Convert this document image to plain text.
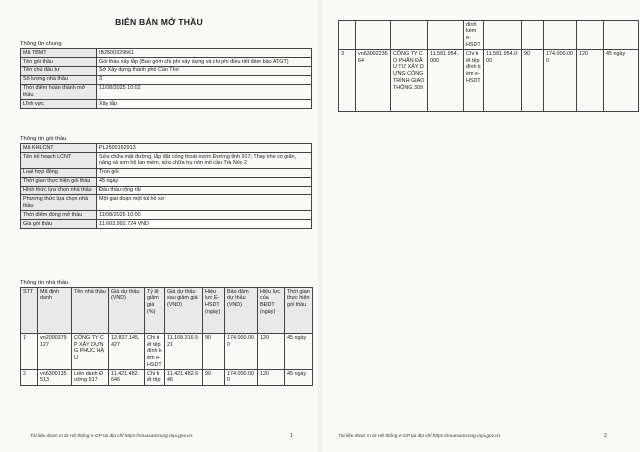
BIÊN BẢN MỞ THẦU
Thông tin chung
Mã TBMT	IB2500329661
Tên gói thầu	Gói thầu xây lắp (Bao gồm chi phí xây dựng và chi phí điều tiết đảm bảo ATGT)
Tên chủ đầu tư	Sở Xây dựng thành phố Cần Thơ
Số lượng nhà thầu	3
Thời điểm hoàn thành mở thầu	11/08/2025 10:02
Lĩnh vực	Xây lắp
Thông tin gói thầu
Mã KHLCNT	PL2500162913
Tên kế hoạch LCNT	Sửa chữa mặt đường, lắp đặt cống thoát nước Đường tỉnh 917; Thay khe co giãn, nâng và sơn hộ lan mềm, sửa chữa trụ nón mố cầu Trà Nóc 2
Loại hợp đồng	Trọn gói
Thời gian thực hiện gói thầu	45 ngày
Hình thức lựa chọn nhà thầu	Đấu thầu rộng rãi
Phương thức lựa chọn nhà thầu	Một giai đoạn một túi hồ sơ
Thời điểm đóng mở thầu	11/08/2025 10:00
Giá gói thầu	11.603.992.724 VND
Thông tin nhà thầu
STT	Mã định danh	Tên nhà thầu	Giá dự thầu (VND)	Tỷ lệ giảm giá (%)	Giá dự thầu sau giảm giá (VND)	Hiệu lực E-HSDT (ngày)	Bảo đảm dự thầu (VND)	Hiệu lực của BĐDT (ngày)	Thời gian thực hiện gói thầu
1	vn2000379127	CÔNG TY CP XÂY DỰNG PHÚC HẬU	12.837.145.427	Chi tiết tệp đính kèm e-HSDT	11.168.316.521	90	174.000.000	120	45 ngày
2	vn6300135513	Liên danh Đường 917	11.421.482.646	Chi tiết tệp	11.421.482.646	90	174.000.000	120	45 ngày
Tài liệu được in từ Hệ thống e-GP tại địa chỉ https://muasamcong.mpi.gov.vn.	1
				đính kèm e-HSDT					
3	vn6300223664	CÔNG TY CỔ PHẦN ĐẦU TƯ XÂY DỰNG CÔNG TRÌNH GIAO THÔNG 309	11.581.954.000	Chi tiết tệp đính kèm e-HSDT	11.581.954.000	90	174.000.000	120	45 ngày
Tài liệu được in từ Hệ thống e-GP tại địa chỉ https://muasamcong.mpi.gov.vn.	2
